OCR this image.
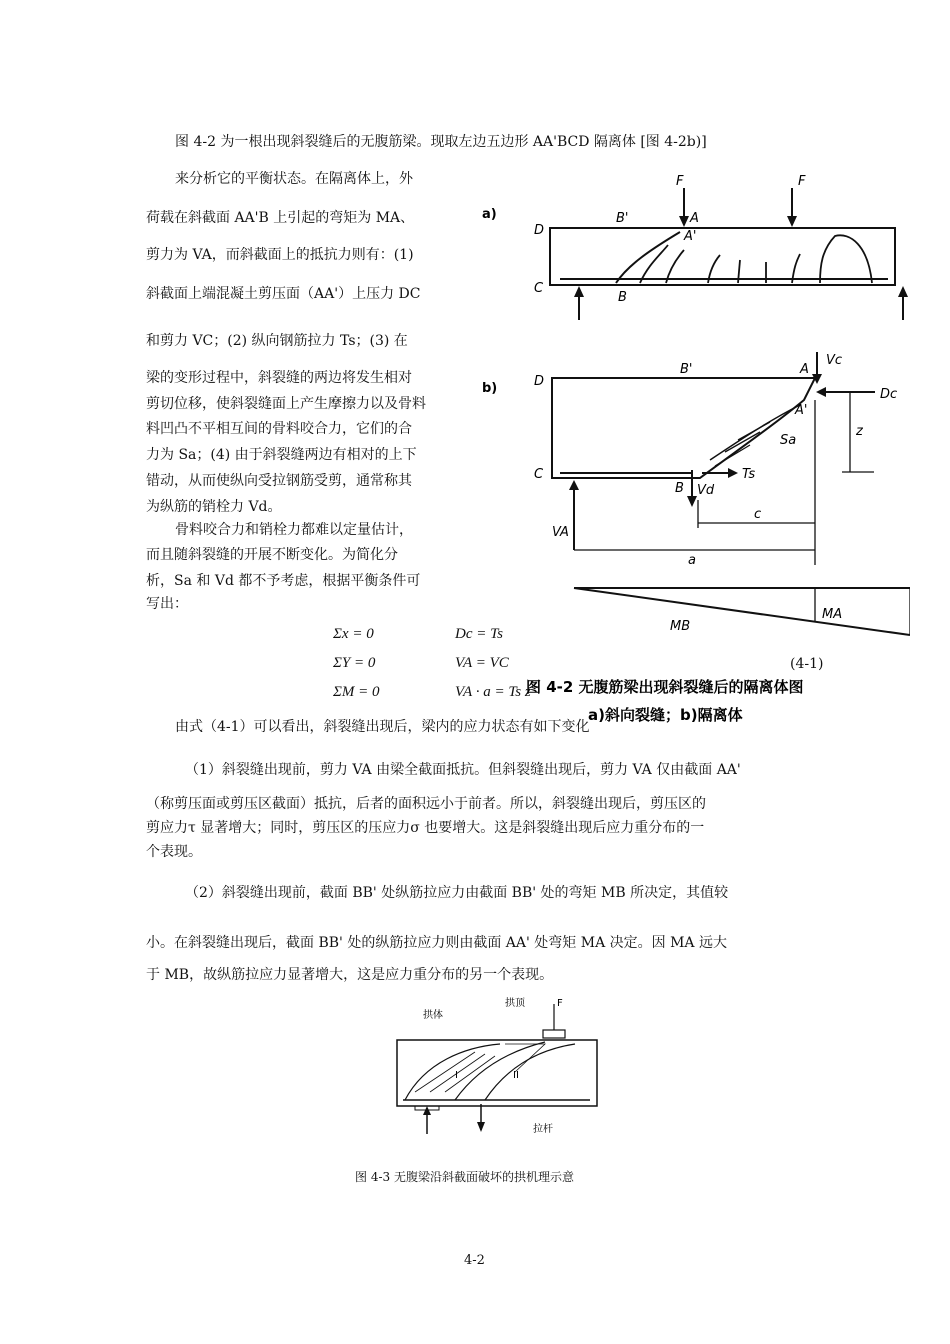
图 4-2 为一根出现斜裂缝后的无腹筋梁。现取左边五边形 AA'BCD 隔离体 [图 4-2b)]
来分析它的平衡状态。在隔离体上，外
荷载在斜截面 AA'B 上引起的弯矩为 MA、
剪力为 VA，而斜截面上的抵抗力则有：(1)
斜截面上端混凝土剪压面（AA'）上压力 DC
和剪力 VC；(2) 纵向钢筋拉力 Ts；(3) 在
梁的变形过程中，斜裂缝的两边将发生相对
剪切位移，使斜裂缝面上产生摩擦力以及骨料
料凹凸不平相互间的骨料咬合力，它们的合
力为 Sa；(4) 由于斜裂缝两边有相对的上下
错动，从而使纵向受拉钢筋受剪，通常称其
为纵筋的销栓力 Vd。
骨料咬合力和销栓力都难以定量估计，
而且随斜裂缝的开展不断变化。为简化分
析，Sa 和 Vd 都不予考虑，根据平衡条件可
写出：
Σx = 0	Dc = Ts
ΣY = 0	VA = VC
ΣM = 0	VA · a = Ts z
(4-1)
由式（4-1）可以看出，斜裂缝出现后，梁内的应力状态有如下变化
（1）斜裂缝出现前，剪力 VA 由梁全截面抵抗。但斜裂缝出现后，剪力 VA 仅由截面 AA'
（称剪压面或剪压区截面）抵抗，后者的面积远小于前者。所以，斜裂缝出现后，剪压区的
剪应力τ 显著增大；同时，剪压区的压应力σ 也要增大。这是斜裂缝出现后应力重分布的一
个表现。
（2）斜裂缝出现前，截面 BB' 处纵筋拉应力由截面 BB' 处的弯矩 MB 所决定，其值较
小。在斜裂缝出现后，截面 BB' 处的纵筋拉应力则由截面 AA' 处弯矩 MA 决定。因 MA 远大
于 MB，故纵筋拉应力显著增大，这是应力重分布的另一个表现。
a)
F	F
B'	A
A'
D
C
B
b)	D
C
B'	A
A'
Vc
Dc
z
Sa
Ts
B Vd
VA
c
a
MA
MB
图 4-2 无腹筋梁出现斜裂缝后的隔离体图
a)斜向裂缝；b)隔离体
拱体
拱顶	F
I	II
拉杆
图 4-3 无腹梁沿斜截面破坏的拱机理示意
4-2
